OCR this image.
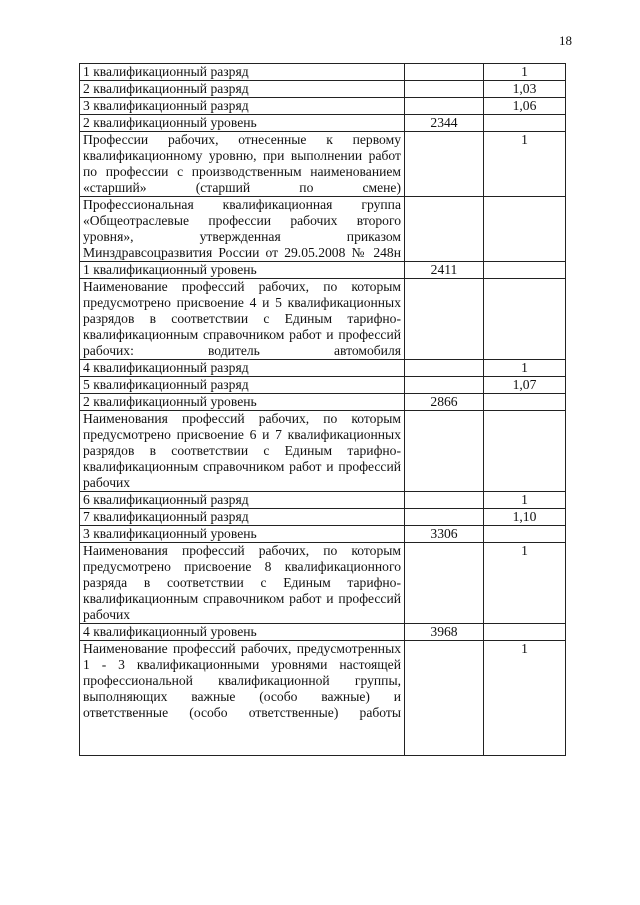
18
1 квалификационный разряд		1
2 квалификационный разряд		1,03
3 квалификационный разряд		1,06
2 квалификационный уровень	2344	
Профессии рабочих, отнесенные к первому квалификационному уровню, при выполнении работ по профессии с производственным наименованием «старший» (старший по смене)		1
Профессиональная квалификационная группа «Общеотраслевые профессии рабочих второго уровня», утвержденная приказом Минздравсоцразвития России от 29.05.2008 № 248н		
1 квалификационный уровень	2411	
Наименование профессий рабочих, по которым предусмотрено присвоение 4 и 5 квалификационных разрядов в соответствии с Единым тарифно-квалификационным справочником работ и профессий рабочих: водитель автомобиля		
4 квалификационный разряд		1
5 квалификационный разряд		1,07
2 квалификационный уровень	2866	
Наименования профессий рабочих, по которым предусмотрено присвоение 6 и 7 квалификационных разрядов в соответствии с Единым тарифно-квалификационным справочником работ и профессий рабочих		
6 квалификационный разряд		1
7 квалификационный разряд		1,10
3 квалификационный уровень	3306	
Наименования профессий рабочих, по которым предусмотрено присвоение 8 квалификационного разряда в соответствии с Единым тарифно-квалификационным справочником работ и профессий рабочих		1
4 квалификационный уровень	3968	
Наименование профессий рабочих, предусмотренных 1 - 3 квалификационными уровнями настоящей профессиональной квалификационной группы, выполняющих важные (особо важные) и ответственные (особо ответственные) работы		1
